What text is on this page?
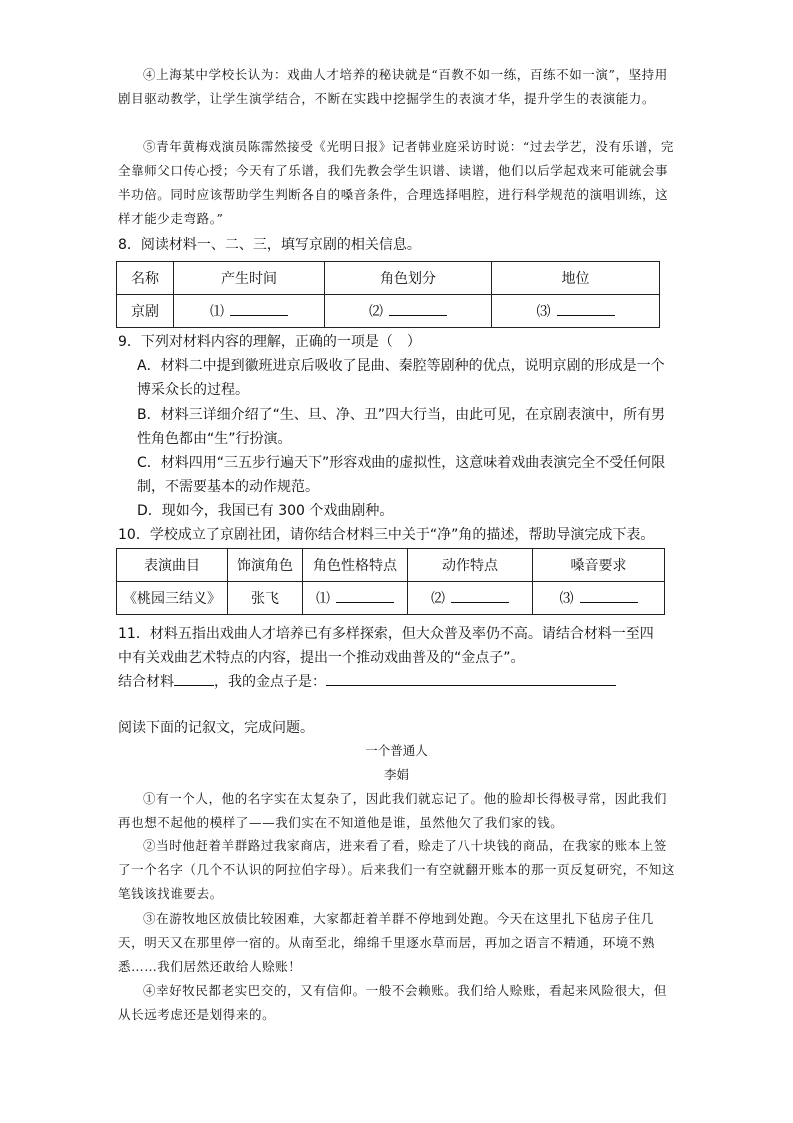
④上海某中学校长认为：戏曲人才培养的秘诀就是“百教不如一练，百练不如一演”，坚持用剧目驱动教学，让学生演学结合，不断在实践中挖掘学生的表演才华，提升学生的表演能力。
⑤青年黄梅戏演员陈霈然接受《光明日报》记者韩业庭采访时说：“过去学艺，没有乐谱，完全靠师父口传心授；今天有了乐谱，我们先教会学生识谱、读谱，他们以后学起戏来可能就会事半功倍。同时应该帮助学生判断各自的嗓音条件，合理选择唱腔，进行科学规范的演唱训练，这样才能少走弯路。”
8．阅读材料一、二、三，填写京剧的相关信息。
名称	产生时间	角色划分	地位
京剧	⑴	⑵	⑶
9．下列对材料内容的理解，正确的一项是（　）
A．材料二中提到徽班进京后吸收了昆曲、秦腔等剧种的优点，说明京剧的形成是一个博采众长的过程。
B．材料三详细介绍了“生、旦、净、丑”四大行当，由此可见，在京剧表演中，所有男性角色都由“生”行扮演。
C．材料四用“三五步行遍天下”形容戏曲的虚拟性，这意味着戏曲表演完全不受任何限制，不需要基本的动作规范。
D．现如今，我国已有 300 个戏曲剧种。
10．学校成立了京剧社团，请你结合材料三中关于“净”角的描述，帮助导演完成下表。
表演曲目	饰演角色	角色性格特点	动作特点	嗓音要求
《桃园三结义》	张飞	⑴	⑵	⑶
11．材料五指出戏曲人才培养已有多样探索，但大众普及率仍不高。请结合材料一至四中有关戏曲艺术特点的内容，提出一个推动戏曲普及的“金点子”。
结合材料	，我的金点子是：
阅读下面的记叙文，完成问题。
一个普通人
李娟
①有一个人，他的名字实在太复杂了，因此我们就忘记了。他的脸却长得极寻常，因此我们再也想不起他的模样了——我们实在不知道他是谁，虽然他欠了我们家的钱。
②当时他赶着羊群路过我家商店，进来看了看，赊走了八十块钱的商品，在我家的账本上签了一个名字（几个不认识的阿拉伯字母）。后来我们一有空就翻开账本的那一页反复研究，不知这笔钱该找谁要去。
③在游牧地区放债比较困难，大家都赶着羊群不停地到处跑。今天在这里扎下毡房子住几天，明天又在那里停一宿的。从南至北，绵绵千里逐水草而居，再加之语言不精通，环境不熟悉……我们居然还敢给人赊账！
④幸好牧民都老实巴交的，又有信仰。一般不会赖账。我们给人赊账，看起来风险很大，但从长远考虑还是划得来的。
